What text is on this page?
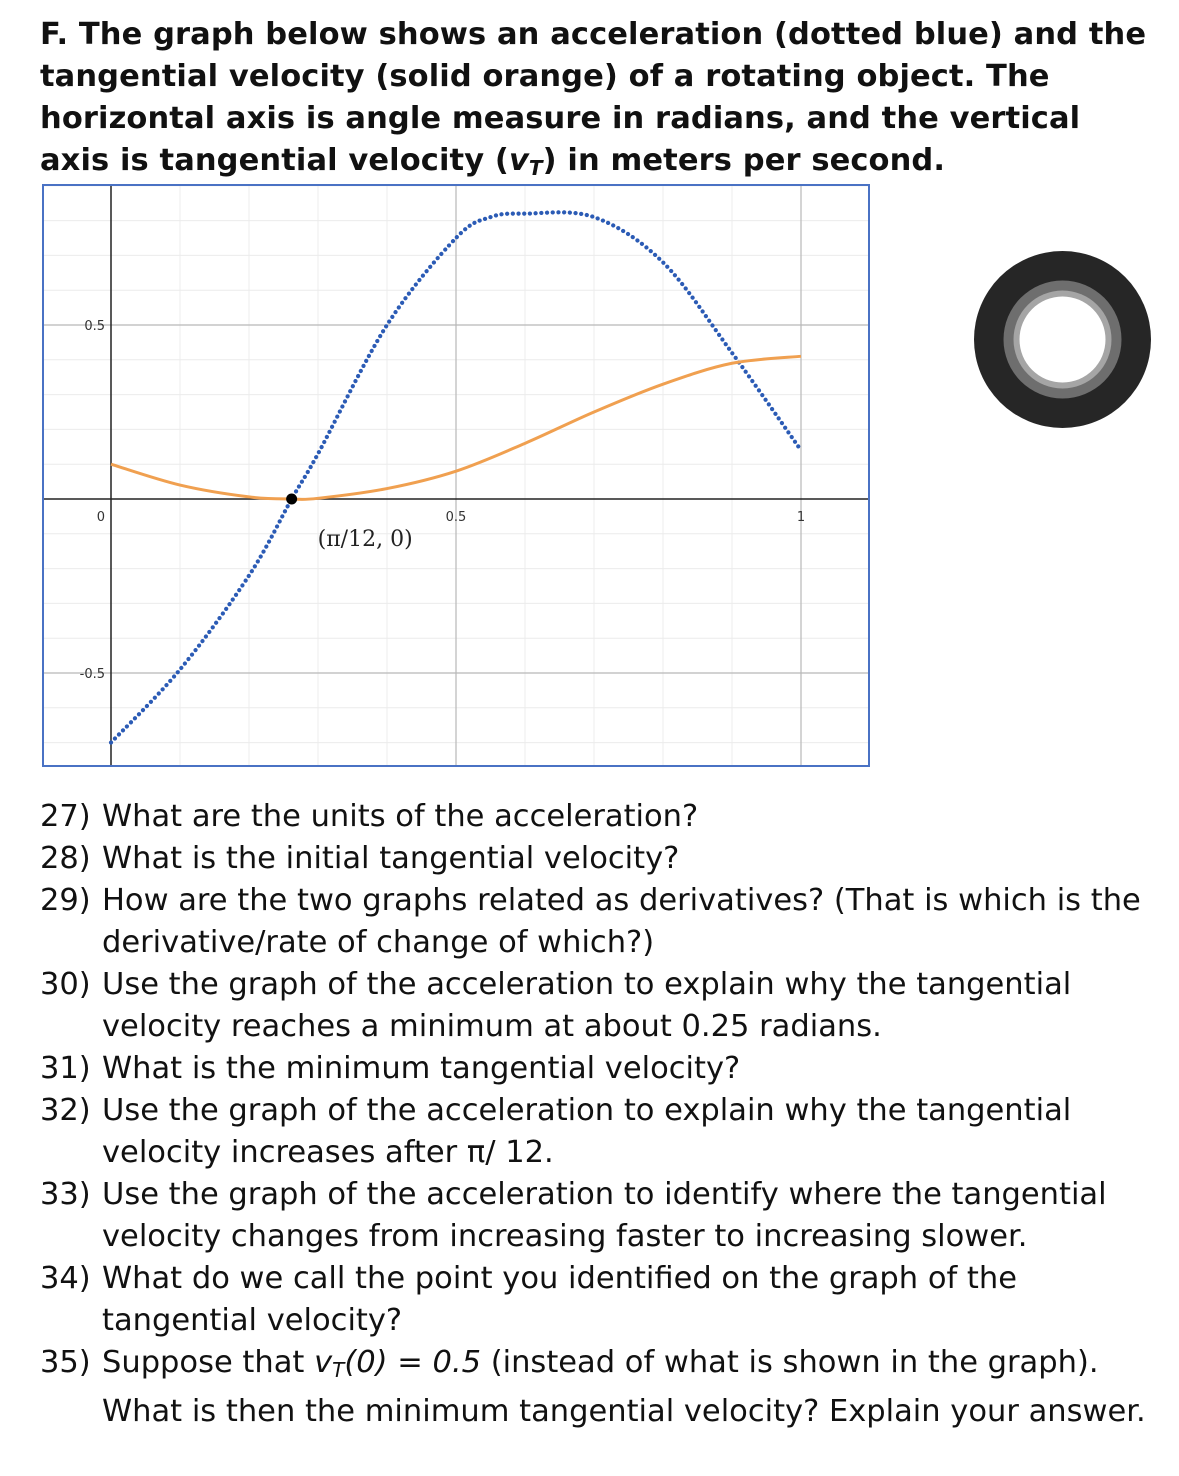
F. The graph below shows an acceleration (dotted blue) and the tangential velocity (solid orange) of a rotating object. The horizontal axis is angle measure in radians, and the vertical axis is tangential velocity $(v_T)$ in meters per second.

0.5	1
0.5
0
-0.5
(π/12, 0)
27) What are the units of the acceleration?
28) What is the initial tangential velocity?
29) How are the two graphs related as derivatives? (That is which is the derivative/rate of change of which?)
30) Use the graph of the acceleration to explain why the tangential velocity reaches a minimum at about 0.25 radians.
31) What is the minimum tangential velocity?
32) Use the graph of the acceleration to explain why the tangential velocity increases after π/ 12.
33) Use the graph of the acceleration to identify where the tangential velocity changes from increasing faster to increasing slower.
34) What do we call the point you identified on the graph of the tangential velocity?
35) Suppose that $v_T(0) = 0.5$ (instead of what is shown in the graph). What is then the minimum tangential velocity? Explain your answer.
